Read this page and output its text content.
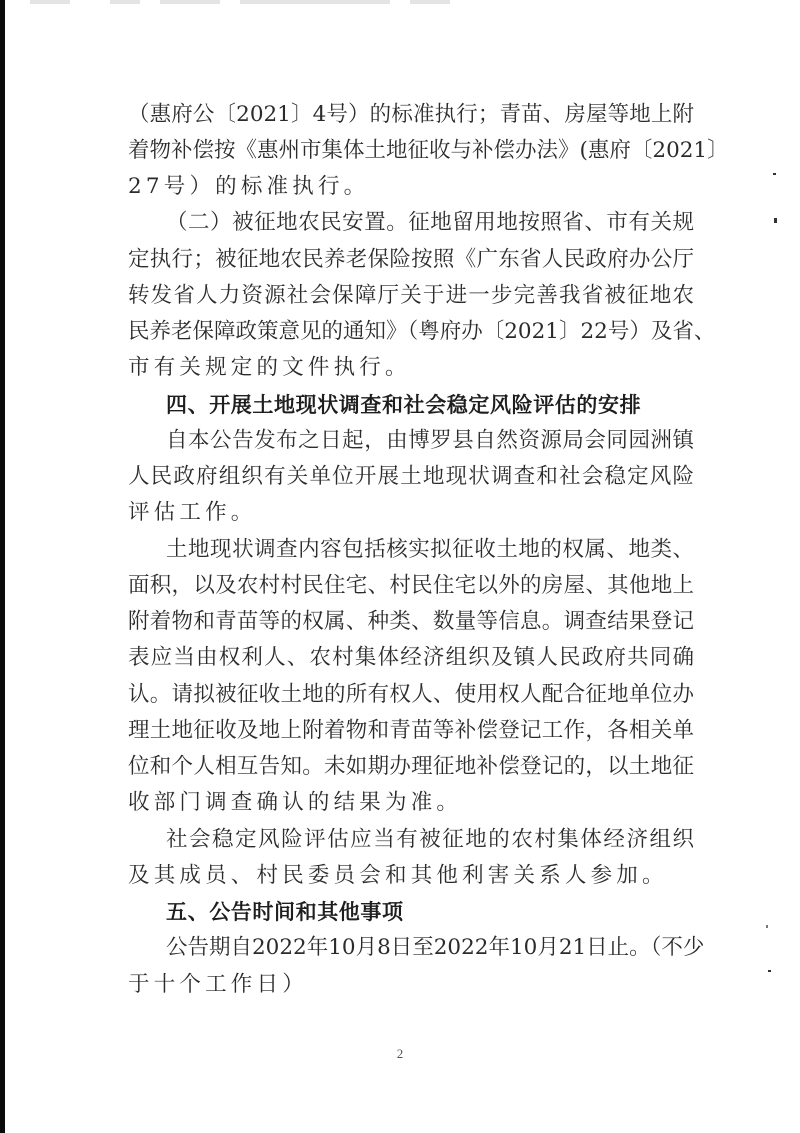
（惠府公〔2021〕4号）的标准执行；青苗、房屋等地上附
着物补偿按《惠州市集体土地征收与补偿办法》(惠府〔2021〕
27号）的标准执行。
（二）被征地农民安置。征地留用地按照省、市有关规
定执行；被征地农民养老保险按照《广东省人民政府办公厅
转发省人力资源社会保障厅关于进一步完善我省被征地农
民养老保障政策意见的通知》（粤府办〔2021〕22号）及省、
市有关规定的文件执行。
四、开展土地现状调查和社会稳定风险评估的安排
自本公告发布之日起，由博罗县自然资源局会同园洲镇
人民政府组织有关单位开展土地现状调查和社会稳定风险
评估工作。
土地现状调查内容包括核实拟征收土地的权属、地类、
面积，以及农村村民住宅、村民住宅以外的房屋、其他地上
附着物和青苗等的权属、种类、数量等信息。调查结果登记
表应当由权利人、农村集体经济组织及镇人民政府共同确
认。请拟被征收土地的所有权人、使用权人配合征地单位办
理土地征收及地上附着物和青苗等补偿登记工作，各相关单
位和个人相互告知。未如期办理征地补偿登记的，以土地征
收部门调查确认的结果为准。
社会稳定风险评估应当有被征地的农村集体经济组织
及其成员、村民委员会和其他利害关系人参加。
五、公告时间和其他事项
公告期自2022年10月8日至2022年10月21日止。（不少
于十个工作日）
2
